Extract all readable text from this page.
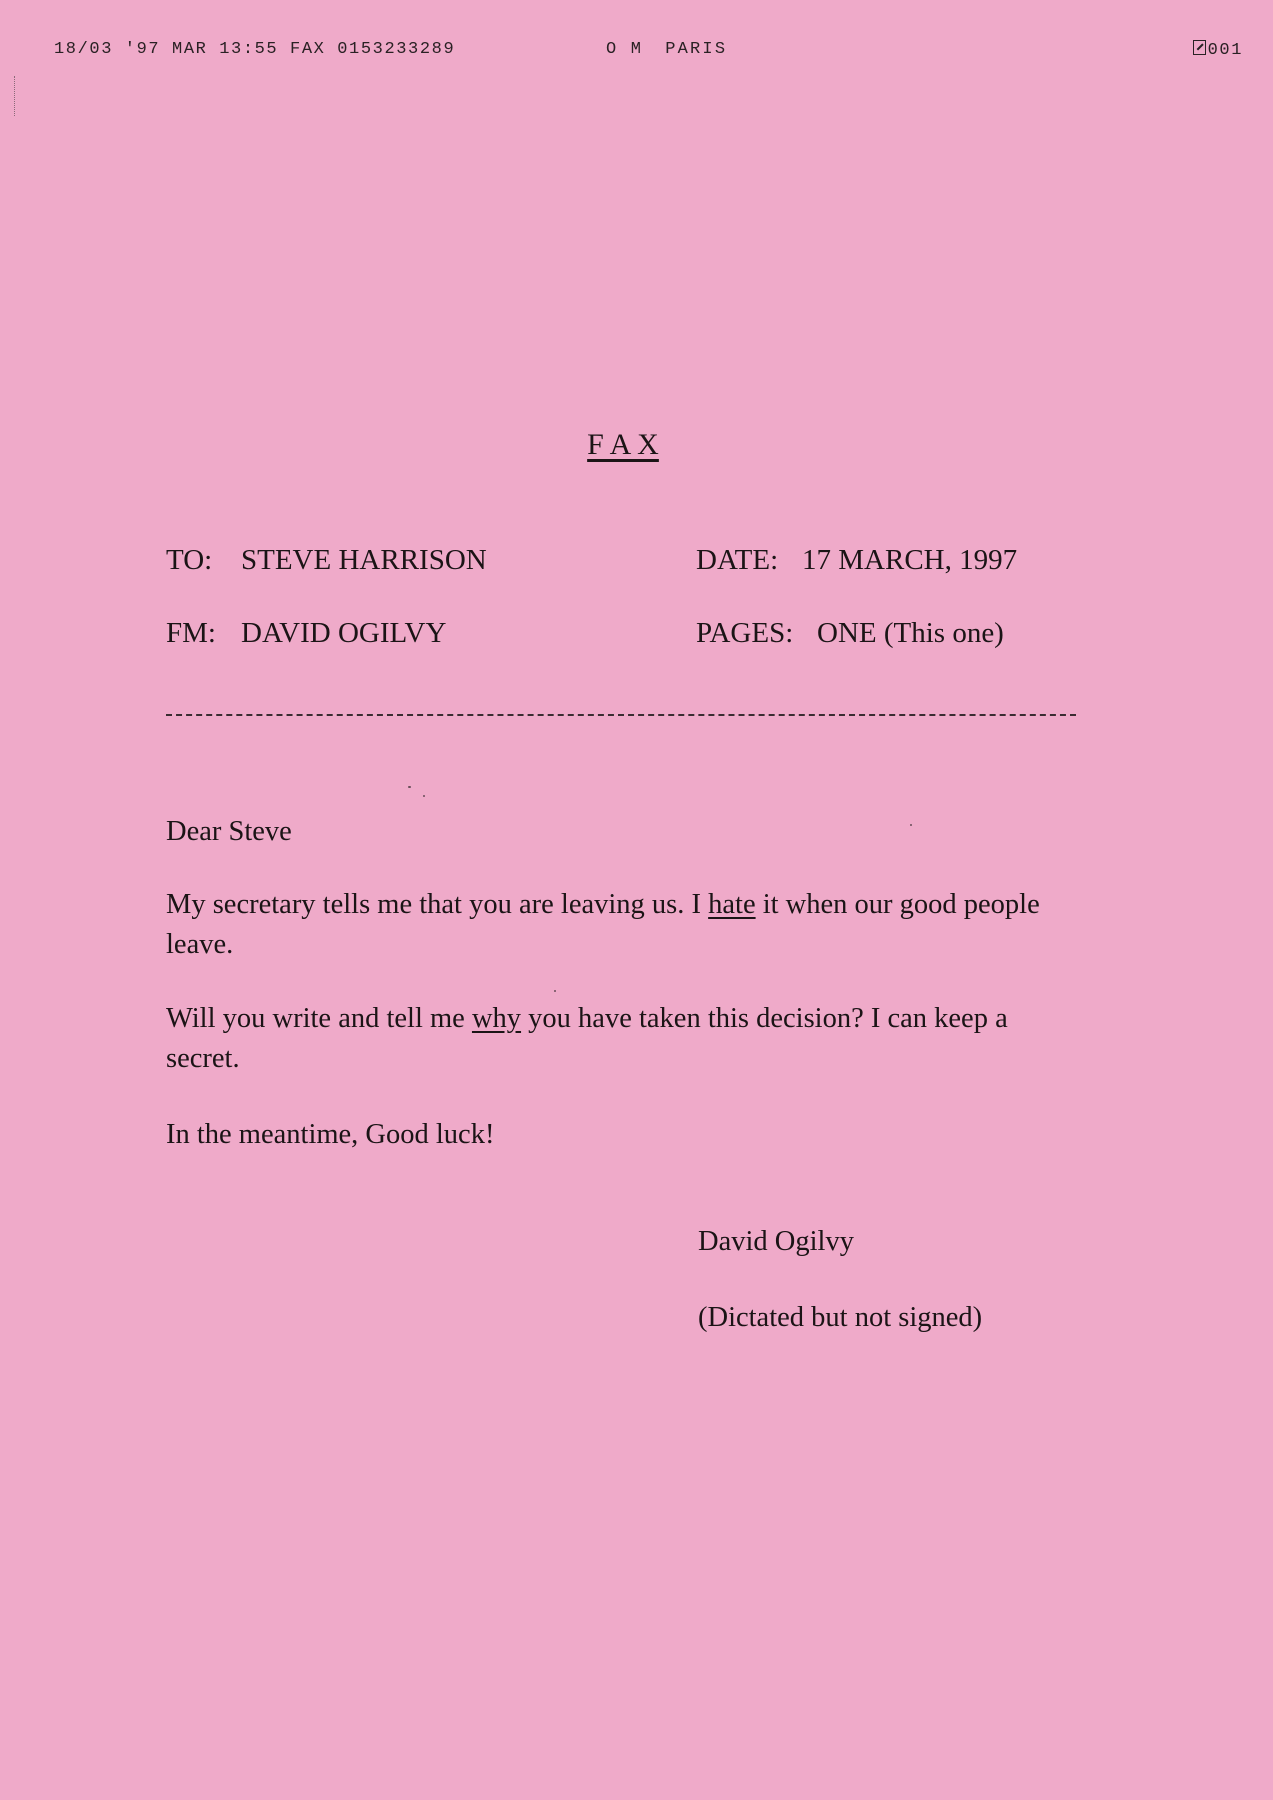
18/03 '97 MAR 13:55 FAX 0153233289	O M PARIS	001
F A X
TO: STEVE HARRISON	DATE: 17 MARCH, 1997
FM: DAVID OGILVY	PAGES: ONE (This one)
Dear Steve
My secretary tells me that you are leaving us. I hate it when our good people leave.
Will you write and tell me why you have taken this decision? I can keep a secret.
In the meantime, Good luck!
David Ogilvy
(Dictated but not signed)
